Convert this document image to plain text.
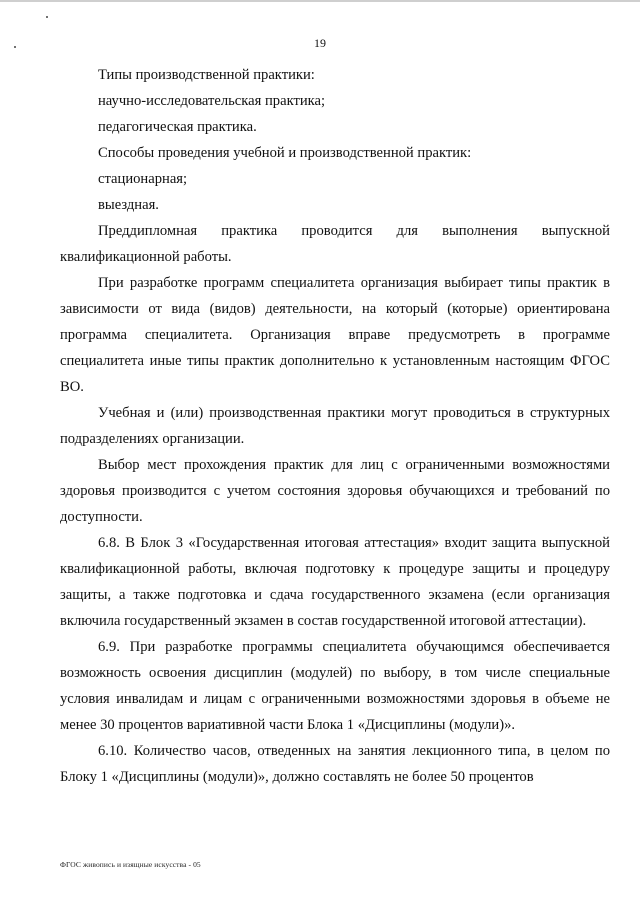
19

Типы производственной практики:

научно-исследовательская практика;

педагогическая практика.

Способы проведения учебной и производственной практик:

стационарная;

выездная.

Преддипломная практика проводится для выполнения выпускной квалификационной работы.

При разработке программ специалитета организация выбирает типы практик в зависимости от вида (видов) деятельности, на который (которые) ориентирована программа специалитета. Организация вправе предусмотреть в программе специалитета иные типы практик дополнительно к установленным настоящим ФГОС ВО.

Учебная и (или) производственная практики могут проводиться в структурных подразделениях организации.

Выбор мест прохождения практик для лиц с ограниченными возможностями здоровья производится с учетом состояния здоровья обучающихся и требований по доступности.

6.8. В Блок 3 «Государственная итоговая аттестация» входит защита выпускной квалификационной работы, включая подготовку к процедуре защиты и процедуру защиты, а также подготовка и сдача государственного экзамена (если организация включила государственный экзамен в состав государственной итоговой аттестации).

6.9. При разработке программы специалитета обучающимся обеспечивается возможность освоения дисциплин (модулей) по выбору, в том числе специальные условия инвалидам и лицам с ограниченными возможностями здоровья в объеме не менее 30 процентов вариативной части Блока 1 «Дисциплины (модули)».

6.10. Количество часов, отведенных на занятия лекционного типа, в целом по Блоку 1 «Дисциплины (модули)», должно составлять не более 50 процентов

ФГОС живопись и изящные искусства - 05
